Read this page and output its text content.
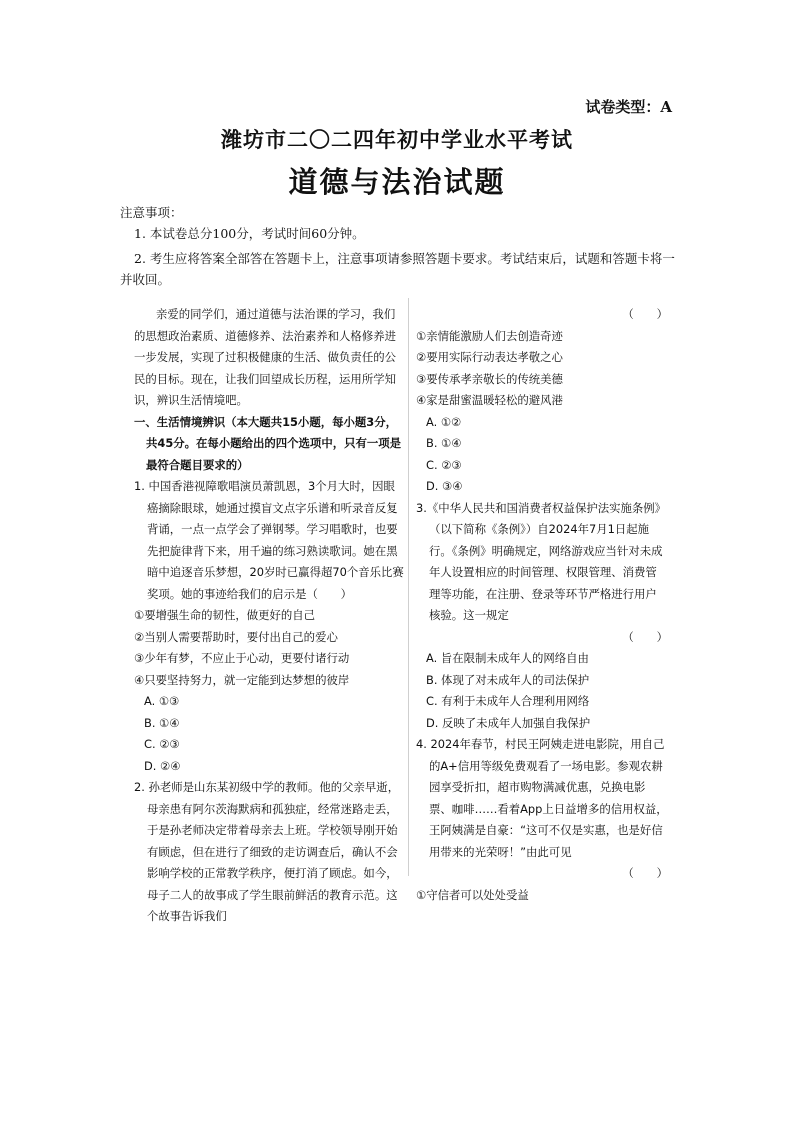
试卷类型：A
潍坊市二〇二四年初中学业水平考试
道德与法治试题
注意事项：
1. 本试卷总分100分，考试时间60分钟。
2. 考生应将答案全部答在答题卡上，注意事项请参照答题卡要求。考试结束后，试题和答题卡将一并收回。

亲爱的同学们，通过道德与法治课的学习，我们的思想政治素质、道德修养、法治素养和人格修养进一步发展，实现了过积极健康的生活、做负责任的公民的目标。现在，让我们回望成长历程，运用所学知识，辨识生活情境吧。

一、生活情境辨识（本大题共15小题，每小题3分，共45分。在每小题给出的四个选项中，只有一项是最符合题目要求的）

1. 中国香港视障歌唱演员萧凯恩，3个月大时，因眼癌摘除眼球，她通过摸盲文点字乐谱和听录音反复背诵，一点一点学会了弹钢琴。学习唱歌时，也要先把旋律背下来，用千遍的练习熟读歌词。她在黑暗中追逐音乐梦想，20岁时已赢得超70个音乐比赛奖项。她的事迹给我们的启示是（　　）

①要增强生命的韧性，做更好的自己

②当别人需要帮助时，要付出自己的爱心

③少年有梦，不应止于心动，更要付诸行动

④只要坚持努力，就一定能到达梦想的彼岸

A. ①③

B. ①④

C. ②③

D. ②④

2. 孙老师是山东某初级中学的教师。他的父亲早逝，母亲患有阿尔茨海默病和孤独症，经常迷路走丢，于是孙老师决定带着母亲去上班。学校领导刚开始有顾虑，但在进行了细致的走访调查后，确认不会影响学校的正常教学秩序，便打消了顾虑。如今，母子二人的故事成了学生眼前鲜活的教育示范。这个故事告诉我们

（　　）

①亲情能激励人们去创造奇迹

②要用实际行动表达孝敬之心

③要传承孝亲敬长的传统美德

④家是甜蜜温暖轻松的避风港

A. ①②

B. ①④

C. ②③

D. ③④

3.《中华人民共和国消费者权益保护法实施条例》（以下简称《条例》）自2024年7月1日起施行。《条例》明确规定，网络游戏应当针对未成年人设置相应的时间管理、权限管理、消费管理等功能，在注册、登录等环节严格进行用户核验。这一规定

（　　）

A. 旨在限制未成年人的网络自由

B. 体现了对未成年人的司法保护

C. 有利于未成年人合理利用网络

D. 反映了未成年人加强自我保护

4. 2024年春节，村民王阿姨走进电影院，用自己的A+信用等级免费观看了一场电影。参观农耕园享受折扣，超市购物满减优惠，兑换电影票、咖啡……看着App上日益增多的信用权益，王阿姨满是自豪：“这可不仅是实惠，也是好信用带来的光荣呀！”由此可见

（　　）

①守信者可以处处受益
